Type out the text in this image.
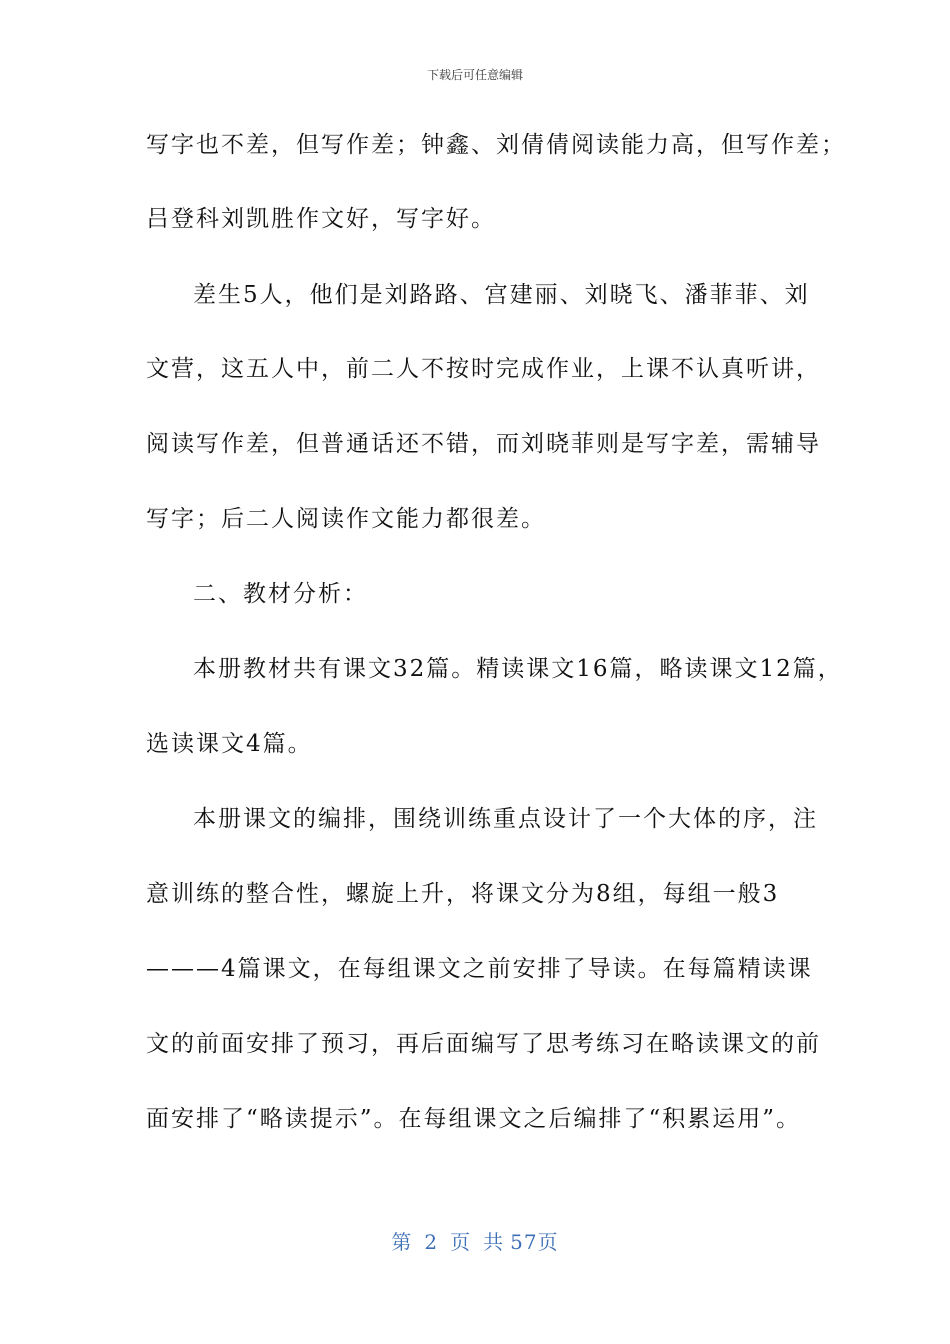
下载后可任意编辑
写字也不差，但写作差；钟鑫、刘倩倩阅读能力高，但写作差；
吕登科刘凯胜作文好，写字好。
差生5人，他们是刘路路、宫建丽、刘晓飞、潘菲菲、刘
文营，这五人中，前二人不按时完成作业，上课不认真听讲，
阅读写作差，但普通话还不错，而刘晓菲则是写字差，需辅导
写字；后二人阅读作文能力都很差。
二、教材分析：
本册教材共有课文32篇。精读课文16篇，略读课文12篇，
选读课文4篇。
本册课文的编排，围绕训练重点设计了一个大体的序，注
意训练的整合性，螺旋上升，将课文分为8组，每组一般3
———4篇课文，在每组课文之前安排了导读。在每篇精读课
文的前面安排了预习，再后面编写了思考练习在略读课文的前
面安排了“略读提示”。在每组课文之后编排了“积累运用”。
第 2 页 共 57页
